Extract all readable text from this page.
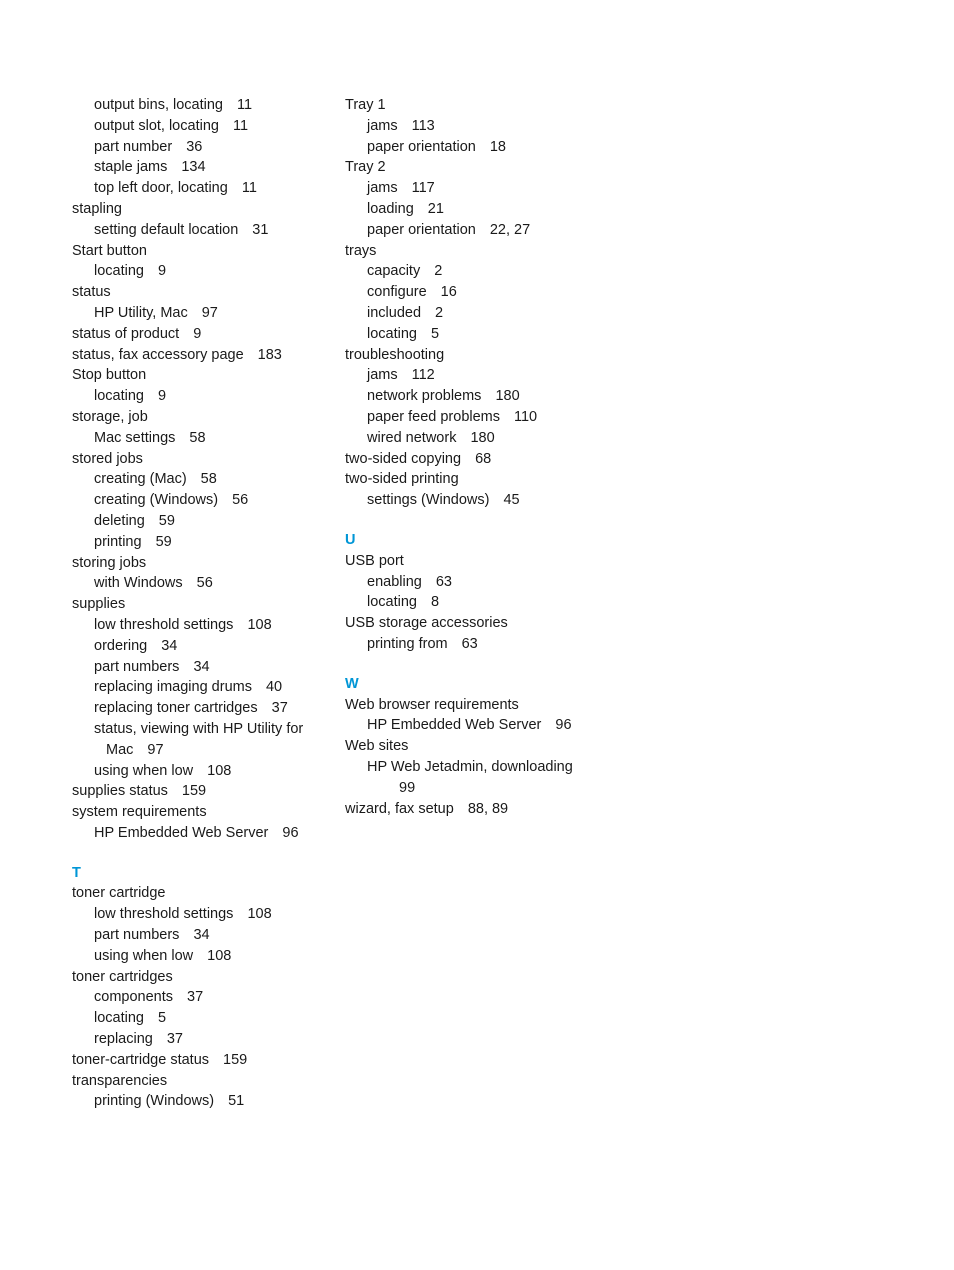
output bins, locating 11
output slot, locating 11
part number 36
staple jams 134
top left door, locating 11
stapling
setting default location 31
Start button
locating 9
status
HP Utility, Mac 97
status of product 9
status, fax accessory page 183
Stop button
locating 9
storage, job
Mac settings 58
stored jobs
creating (Mac) 58
creating (Windows) 56
deleting 59
printing 59
storing jobs
with Windows 56
supplies
low threshold settings 108
ordering 34
part numbers 34
replacing imaging drums 40
replacing toner cartridges 37
status, viewing with HP Utility for
Mac 97
using when low 108
supplies status 159
system requirements
HP Embedded Web Server 96
T
toner cartridge
low threshold settings 108
part numbers 34
using when low 108
toner cartridges
components 37
locating 5
replacing 37
toner-cartridge status 159
transparencies
printing (Windows) 51
Tray 1
jams 113
paper orientation 18
Tray 2
jams 117
loading 21
paper orientation 22, 27
trays
capacity 2
configure 16
included 2
locating 5
troubleshooting
jams 112
network problems 180
paper feed problems 110
wired network 180
two-sided copying 68
two-sided printing
settings (Windows) 45
U
USB port
enabling 63
locating 8
USB storage accessories
printing from 63
W
Web browser requirements
HP Embedded Web Server 96
Web sites
HP Web Jetadmin, downloading
99
wizard, fax setup 88, 89
